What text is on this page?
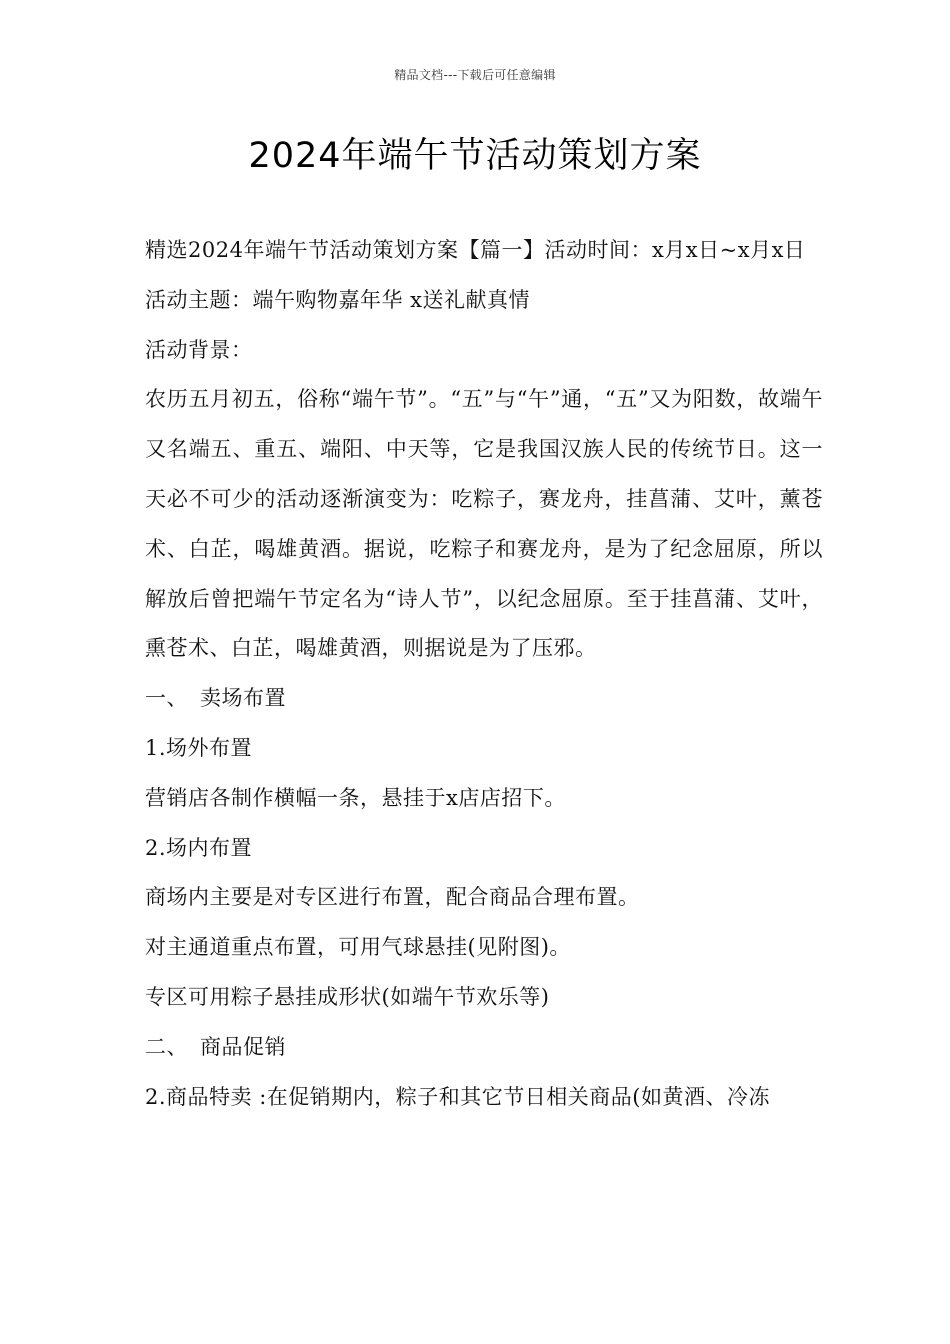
精品文档---下载后可任意编辑
2024年端午节活动策划方案

精选2024年端午节活动策划方案【篇一】活动时间：x月x日~x月x日

活动主题：端午购物嘉年华 x送礼献真情

活动背景：

农历五月初五，俗称“端午节”。“五”与“午”通，“五”又为阳数，故端午又名端五、重五、端阳、中天等，它是我国汉族人民的传统节日。这一天必不可少的活动逐渐演变为：吃粽子，赛龙舟，挂菖蒲、艾叶，薰苍术、白芷，喝雄黄酒。据说，吃粽子和赛龙舟，是为了纪念屈原，所以解放后曾把端午节定名为“诗人节”，以纪念屈原。至于挂菖蒲、艾叶，熏苍术、白芷，喝雄黄酒，则据说是为了压邪。

一、 卖场布置

1.场外布置

营销店各制作横幅一条，悬挂于x店店招下。

2.场内布置

商场内主要是对专区进行布置，配合商品合理布置。

对主通道重点布置，可用气球悬挂(见附图)。

专区可用粽子悬挂成形状(如端午节欢乐等)

二、 商品促销

2.商品特卖 :在促销期内，粽子和其它节日相关商品(如黄酒、冷冻
